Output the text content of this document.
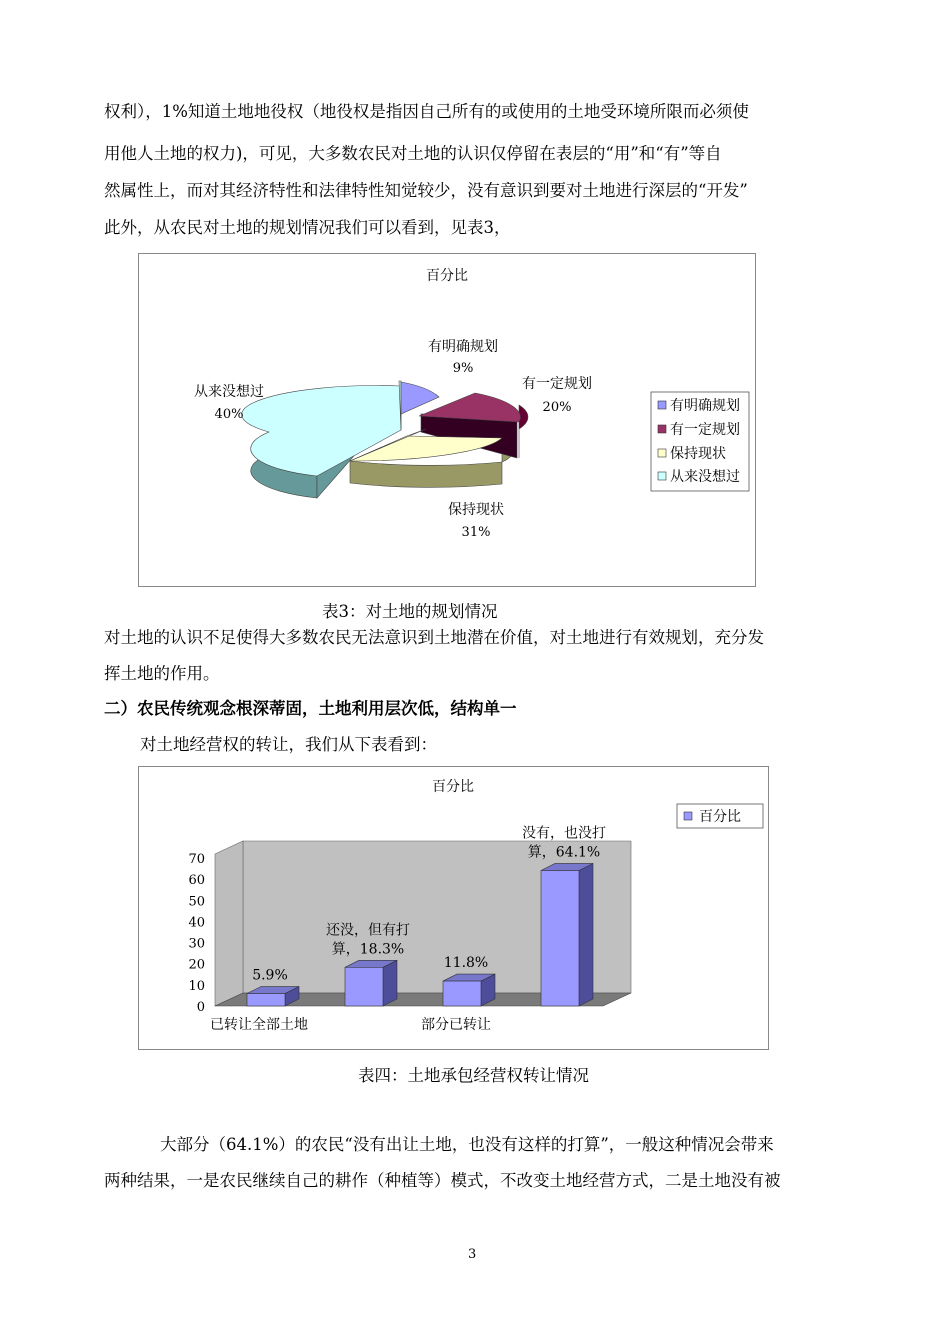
权利），1%知道土地地役权（地役权是指因自己所有的或使用的土地受环境所限而必须使
用他人土地的权力)，可见，大多数农民对土地的认识仅停留在表层的“用”和“有”等自
然属性上，而对其经济特性和法律特性知觉较少，没有意识到要对土地进行深层的“开发”
此外，从农民对土地的规划情况我们可以看到，见表3，
百分比
有明确规划
9%
有一定规划
20%
保持现状
31%
从来没想过
40%
有明确规划
有一定规划
保持现状
从来没想过
表3：对土地的规划情况
对土地的认识不足使得大多数农民无法意识到土地潜在价值，对土地进行有效规划，充分发
挥土地的作用。
二）农民传统观念根深蒂固，土地利用层次低，结构单一
对土地经营权的转让，我们从下表看到：
百分比
0
10
20
30
40
50
60
70
5.9%
还没，但有打
算，18.3%
11.8%
没有，也没打
算，64.1%
已转让全部土地	部分已转让
百分比
表四：土地承包经营权转让情况
大部分（64.1%）的农民“没有出让土地，也没有这样的打算”，一般这种情况会带来
两种结果，一是农民继续自己的耕作（种植等）模式，不改变土地经营方式，二是土地没有被
3
